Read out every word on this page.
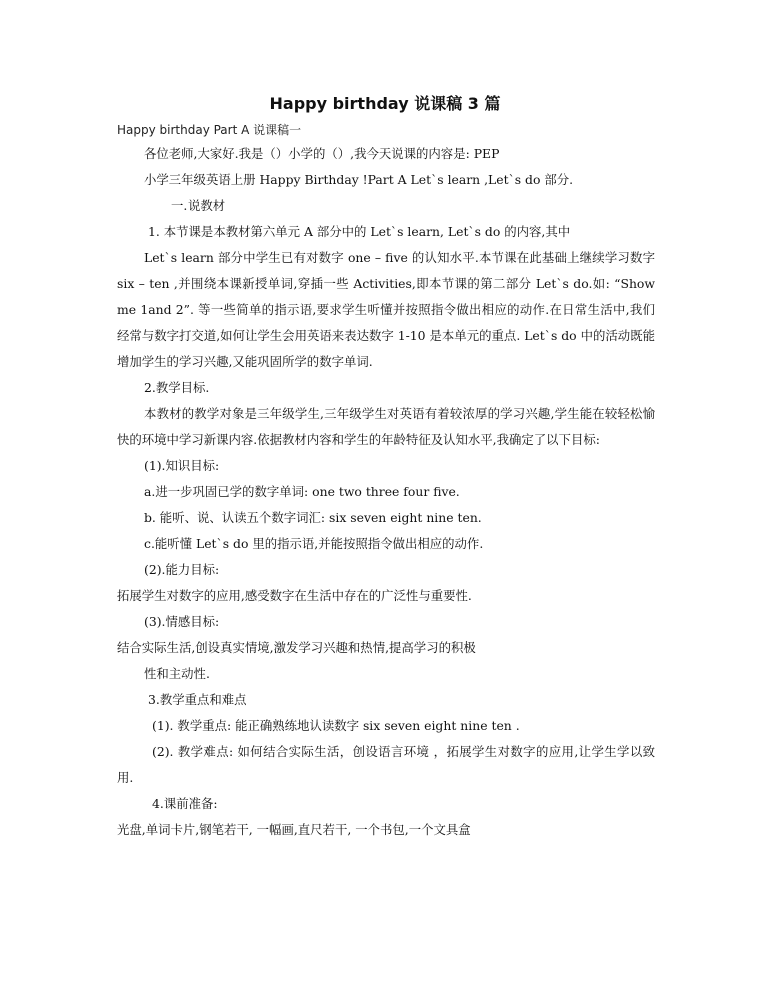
Happy birthday 说课稿 3 篇
Happy birthday Part A 说课稿一

各位老师,大家好.我是（）小学的（）,我今天说课的内容是: PEP

小学三年级英语上册 Happy Birthday !Part A Let`s learn ,Let`s do 部分.

一.说教材

1. 本节课是本教材第六单元 A 部分中的 Let`s learn, Let`s do 的内容,其中

Let`s learn 部分中学生已有对数字 one – five 的认知水平.本节课在此基础上继续学习数字 six – ten ,并围绕本课新授单词,穿插一些 Activities,即本节课的第二部分 Let`s do.如: “Show me 1and 2”. 等一些简单的指示语,要求学生听懂并按照指令做出相应的动作.在日常生活中,我们经常与数字打交道,如何让学生会用英语来表达数字 1-10 是本单元的重点. Let`s do 中的活动既能增加学生的学习兴趣,又能巩固所学的数字单词.

2.教学目标.

本教材的教学对象是三年级学生,三年级学生对英语有着较浓厚的学习兴趣,学生能在较轻松愉快的环境中学习新课内容.依据教材内容和学生的年龄特征及认知水平,我确定了以下目标:

(1).知识目标:

a.进一步巩固已学的数字单词: one two three four five.

b. 能听、说、认读五个数字词汇: six seven eight nine ten.

c.能听懂 Let`s do 里的指示语,并能按照指令做出相应的动作.

(2).能力目标:

拓展学生对数字的应用,感受数字在生活中存在的广泛性与重要性.

(3).情感目标:

结合实际生活,创设真实情境,激发学习兴趣和热情,提高学习的积极

性和主动性.

3.教学重点和难点

(1). 教学重点: 能正确熟练地认读数字 six seven eight nine ten .

(2). 教学难点: 如何结合实际生活，创设语言环境 ，拓展学生对数字的应用,让学生学以致用.

4.课前准备:

光盘,单词卡片,钢笔若干, 一幅画,直尺若干, 一个书包,一个文具盒
